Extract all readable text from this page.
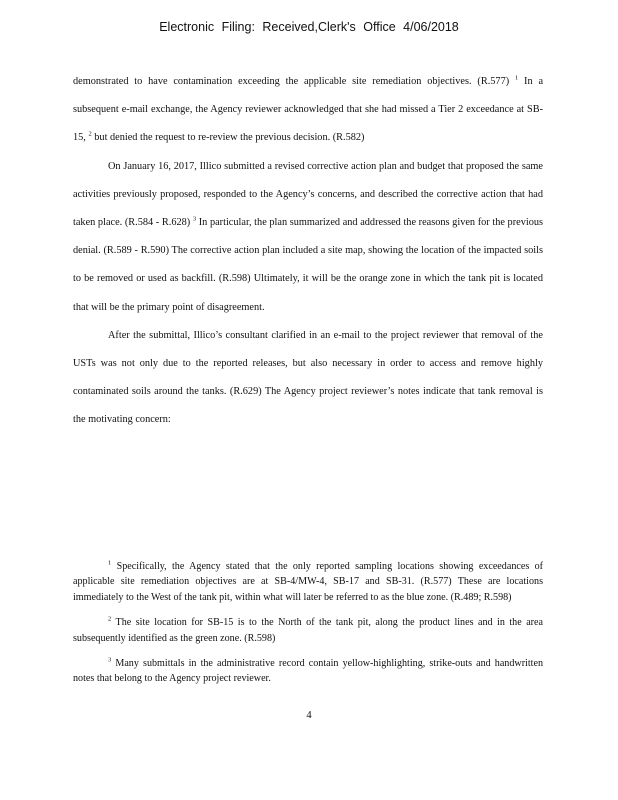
Electronic Filing: Received,Clerk's Office 4/06/2018

demonstrated to have contamination exceeding the applicable site remediation objectives. (R.577) $^1$ In a subsequent e-mail exchange, the Agency reviewer acknowledged that she had missed a Tier 2 exceedance at SB-15, $^2$ but denied the request to re-review the previous decision. (R.582)

On January 16, 2017, Illico submitted a revised corrective action plan and budget that proposed the same activities previously proposed, responded to the Agency’s concerns, and described the corrective action that had taken place. (R.584 - R.628) $^3$ In particular, the plan summarized and addressed the reasons given for the previous denial. (R.589 - R.590) The corrective action plan included a site map, showing the location of the impacted soils to be removed or used as backfill. (R.598) Ultimately, it will be the orange zone in which the tank pit is located that will be the primary point of disagreement.

After the submittal, Illico’s consultant clarified in an e-mail to the project reviewer that removal of the USTs was not only due to the reported releases, but also necessary in order to access and remove highly contaminated soils around the tanks. (R.629) The Agency project reviewer’s notes indicate that tank removal is the motivating concern:

$^1$ Specifically, the Agency stated that the only reported sampling locations showing exceedances of applicable site remediation objectives are at SB-4/MW-4, SB-17 and SB-31. (R.577) These are locations immediately to the West of the tank pit, within what will later be referred to as the blue zone. (R.489; R.598)

$^2$ The site location for SB-15 is to the North of the tank pit, along the product lines and in the area subsequently identified as the green zone. (R.598)

$^3$ Many submittals in the administrative record contain yellow-highlighting, strike-outs and handwritten notes that belong to the Agency project reviewer.

4
